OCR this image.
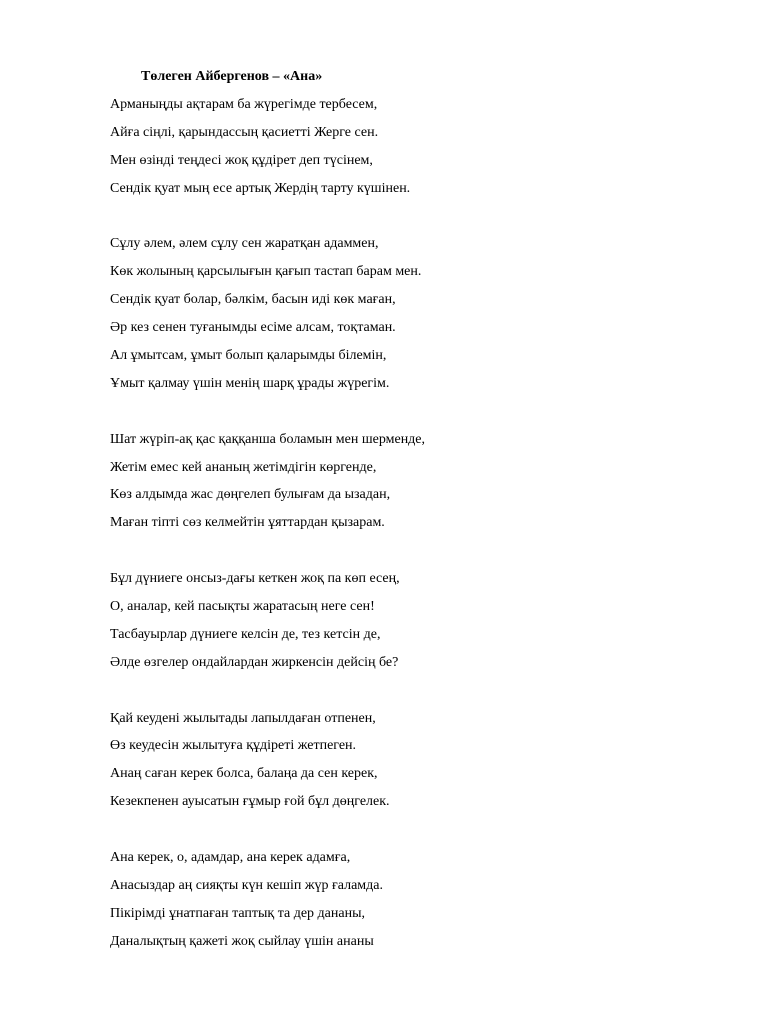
Төлеген Айбергенов – «Ана»
Арманыңды ақтарам ба жүрегімде тербесем,
Айға сіңлі, қарындассың қасиетті Жерге сен.
Мен өзінді теңдесі жоқ құдірет деп түсінем,
Сендік қуат мың есе артық Жердің тарту күшінен.
Сұлу әлем, әлем сұлу сен жаратқан адаммен,
Көк жолының қарсылығын қағып тастап барам мен.
Сендік қуат болар, бәлкім, басын иді көк маған,
Әр кез сенен туғанымды есіме алсам, тоқтаман.
Ал ұмытсам, ұмыт болып қаларымды білемін,
Ұмыт қалмау үшін менің шарқ ұрады жүрегім.
Шат жүріп-ақ қас қаққанша боламын мен шерменде,
Жетім емес кей ананың жетімдігін көргенде,
Көз алдымда жас дөңгелеп булығам да ызадан,
Маған тіпті сөз келмейтін ұяттардан қызарам.
Бұл дүниеге онсыз-дағы кеткен жоқ па көп есең,
О, аналар, кей пасықты жаратасың неге сен!
Тасбауырлар дүниеге келсін де, тез кетсін де,
Әлде өзгелер ондайлардан жиркенсін дейсің бе?
Қай кеудені жылытады лапылдаған отпенен,
Өз кеудесін жылытуға құдіреті жетпеген.
Анаң саған керек болса, балаңа да сен керек,
Кезекпенен ауысатын ғұмыр ғой бұл дөңгелек.
Ана керек, о, адамдар, ана керек адамға,
Анасыздар аң сияқты күн кешіп жүр ғаламда.
Пікірімді ұнатпаған таптық та дер дананы,
Даналықтың қажеті жоқ сыйлау үшін ананы
